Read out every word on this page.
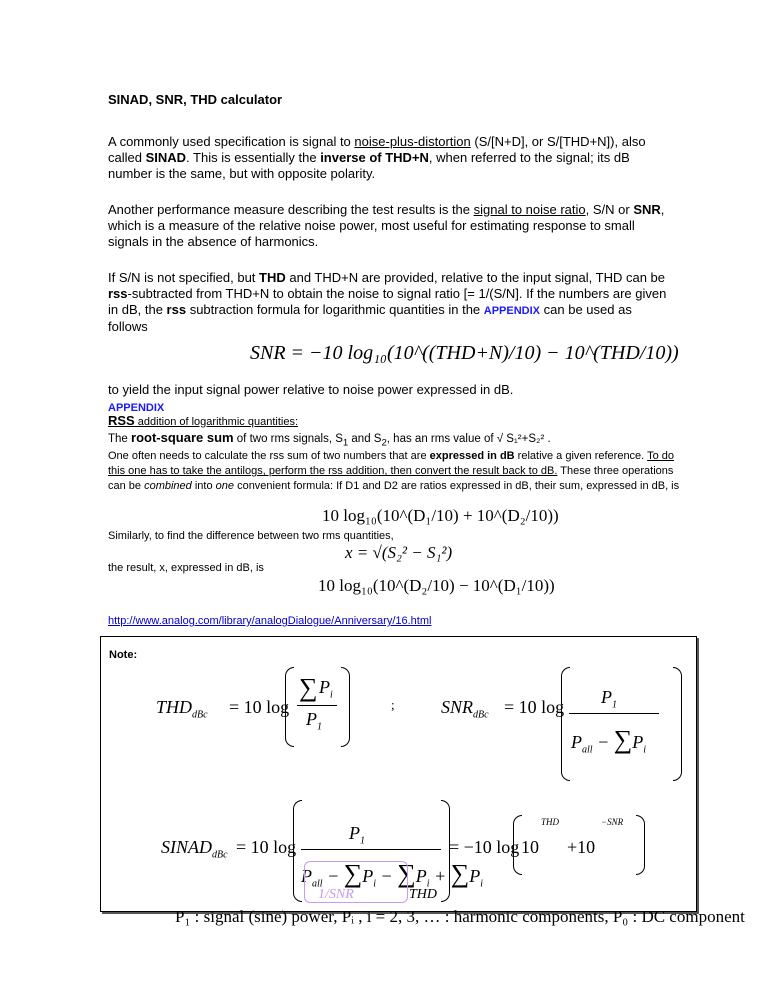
SINAD, SNR, THD calculator
A commonly used specification is signal to noise-plus-distortion (S/[N+D], or S/[THD+N]), also called SINAD. This is essentially the inverse of THD+N, when referred to the signal; its dB number is the same, but with opposite polarity.
Another performance measure describing the test results is the signal to noise ratio, S/N or SNR, which is a measure of the relative noise power, most useful for estimating response to small signals in the absence of harmonics.
If S/N is not specified, but THD and THD+N are provided, relative to the input signal, THD can be rss-subtracted from THD+N to obtain the noise to signal ratio [= 1/(S/N]. If the numbers are given in dB, the rss subtraction formula for logarithmic quantities in the APPENDIX can be used as follows
SNR = −10 log₁₀(10^((THD+N)/10) − 10^(THD/10))
to yield the input signal power relative to noise power expressed in dB.
APPENDIX
RSS addition of logarithmic quantities:
The root-square sum of two rms signals, $S_1$ and $S_2$, has an rms value of √ S₁²+S₂² .
One often needs to calculate the rss sum of two numbers that are expressed in dB relative a given reference. To do this one has to take the antilogs, perform the rss addition, then convert the result back to dB. These three operations can be combined into one convenient formula: If D1 and D2 are ratios expressed in dB, their sum, expressed in dB, is
10 log₁₀(10^(D₁/10) + 10^(D₂/10))
Similarly, to find the difference between two rms quantities,
x = √(S₂² − S₁²)
the result, x, expressed in dB, is
10 log₁₀(10^(D₂/10) − 10^(D₁/10))
http://www.analog.com/library/analogDialogue/Anniversary/16.html
Note:
$THD_{dBc} = 10$ log
∑ $P_i$
$P_1$
;	$SNR_{dBc} = 10$ $\log P_1$
$P_{all} - \sum P_i$
$SINAD_{dBc} = 10$ log
$P_1$
$P_{all} - \sum P_i - \sum P_i + \sum P_i$
= −10 log 10
THD
+10
−SNR
1/SNR	THD
P₁ : signal (sine) power, Pᵢ , i = 2, 3, … : harmonic components, P₀ : DC component
